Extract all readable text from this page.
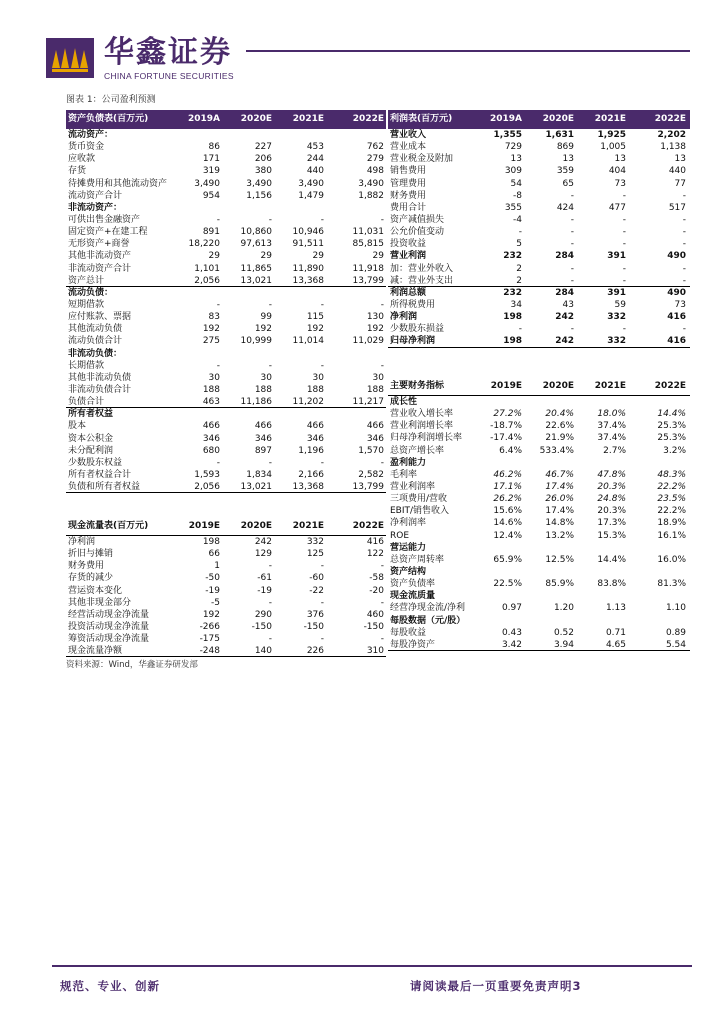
华鑫证券
CHINA FORTUNE SECURITIES
图表 1：公司盈利预测
资产负债表(百万元)	2019A	2020E	2021E	2022E
流动资产：
货币资金	86	227	453	762
应收款	171	206	244	279
存货	319	380	440	498
待摊费用和其他流动资产	3,490	3,490	3,490	3,490
流动资产合计	954	1,156	1,479	1,882
非流动资产：
可供出售金融资产	-	-	-	-
固定资产+在建工程	891	10,860	10,946	11,031
无形资产+商誉	18,220	97,613	91,511	85,815
其他非流动资产	29	29	29	29
非流动资产合计	1,101	11,865	11,890	11,918
资产总计	2,056	13,021	13,368	13,799
流动负债：
短期借款	-	-	-	-
应付账款、票据	83	99	115	130
其他流动负债	192	192	192	192
流动负债合计	275	10,999	11,014	11,029
非流动负债：
长期借款	-	-	-	-
其他非流动负债	30	30	30	30
非流动负债合计	188	188	188	188
负债合计	463	11,186	11,202	11,217
所有者权益
股本	466	466	466	466
资本公积金	346	346	346	346
未分配利润	680	897	1,196	1,570
少数股东权益	-	-	-	-
所有者权益合计	1,593	1,834	2,166	2,582
负债和所有者权益	2,056	13,021	13,368	13,799
利润表(百万元)	2019A	2020E	2021E	2022E
营业收入	1,355	1,631	1,925	2,202
营业成本	729	869	1,005	1,138
营业税金及附加	13	13	13	13
销售费用	309	359	404	440
管理费用	54	65	73	77
财务费用	-8	-	-	-
费用合计	355	424	477	517
资产减值损失	-4	-	-	-
公允价值变动	-	-	-	-
投资收益	5	-	-	-
营业利润	232	284	391	490
加：营业外收入	2	-	-	-
减：营业外支出	2	-	-	-
利润总额	232	284	391	490
所得税费用	34	43	59	73
净利润	198	242	332	416
少数股东损益	-	-	-	-
归母净利润	198	242	332	416
主要财务指标	2019E	2020E	2021E	2022E
成长性
营业收入增长率	27.2%	20.4%	18.0%	14.4%
营业利润增长率	-18.7%	22.6%	37.4%	25.3%
归母净利润增长率	-17.4%	21.9%	37.4%	25.3%
总资产增长率	6.4%	533.4%	2.7%	3.2%
盈利能力
毛利率	46.2%	46.7%	47.8%	48.3%
营业利润率	17.1%	17.4%	20.3%	22.2%
三项费用/营收	26.2%	26.0%	24.8%	23.5%
EBIT/销售收入	15.6%	17.4%	20.3%	22.2%
净利润率	14.6%	14.8%	17.3%	18.9%
ROE	12.4%	13.2%	15.3%	16.1%
营运能力
总资产周转率	65.9%	12.5%	14.4%	16.0%
资产结构
资产负债率	22.5%	85.9%	83.8%	81.3%
现金流质量
经营净现金流/净利	0.97	1.20	1.13	1.10
每股数据（元/股）
每股收益	0.43	0.52	0.71	0.89
每股净资产	3.42	3.94	4.65	5.54
现金流量表(百万元)	2019E	2020E	2021E	2022E
净利润	198	242	332	416
折旧与摊销	66	129	125	122
财务费用	1	-	-	-
存货的减少	-50	-61	-60	-58
营运资本变化	-19	-19	-22	-20
其他非现金部分	-5	-	-	-
经营活动现金净流量	192	290	376	460
投资活动现金净流量	-266	-150	-150	-150
筹资活动现金净流量	-175	-	-	-
现金流量净额	-248	140	226	310
资料来源：Wind，华鑫证券研发部
规范、专业、创新	请阅读最后一页重要免责声明3
